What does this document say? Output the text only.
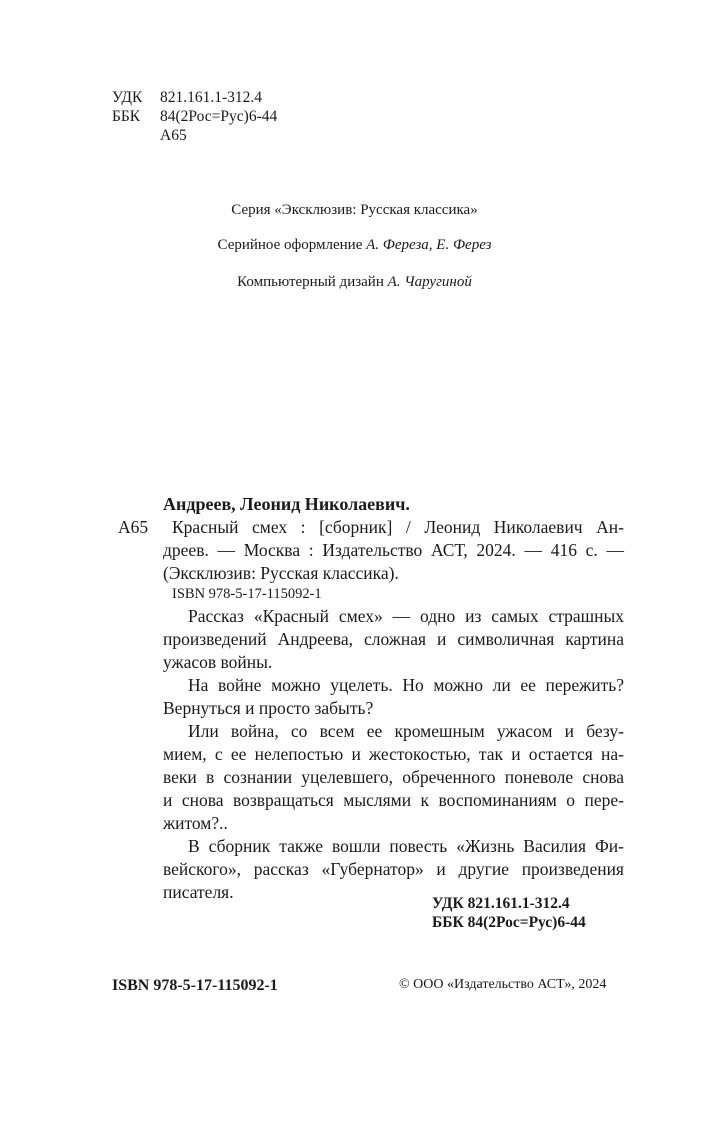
УДК 821.161.1-312.4
ББК 84(2Рос=Рус)6-44
А65
Серия «Эксклюзив: Русская классика»
Серийное оформление А. Фереза, Е. Ферез
Компьютерный дизайн А. Чаругиной
Андреев, Леонид Николаевич.
А65 Красный смех : [сборник] / Леонид Николаевич Ан-
дреев. — Москва : Издательство АСТ, 2024. — 416 с. —
(Эксклюзив: Русская классика).
ISBN 978-5-17-115092-1
Рассказ «Красный смех» — одно из самых страшных
произведений Андреева, сложная и символичная картина
ужасов войны.
На войне можно уцелеть. Но можно ли ее пережить?
Вернуться и просто забыть?
Или война, со всем ее кромешным ужасом и безу-
мием, с ее нелепостью и жестокостью, так и остается на-
веки в сознании уцелевшего, обреченного поневоле снова
и снова возвращаться мыслями к воспоминаниям о пере-
житом?..
В сборник также вошли повесть «Жизнь Василия Фи-
вейского», рассказ «Губернатор» и другие произведения
писателя.
УДК 821.161.1-312.4
ББК 84(2Рос=Рус)6-44
ISBN 978-5-17-115092-1	© ООО «Издательство АСТ», 2024
